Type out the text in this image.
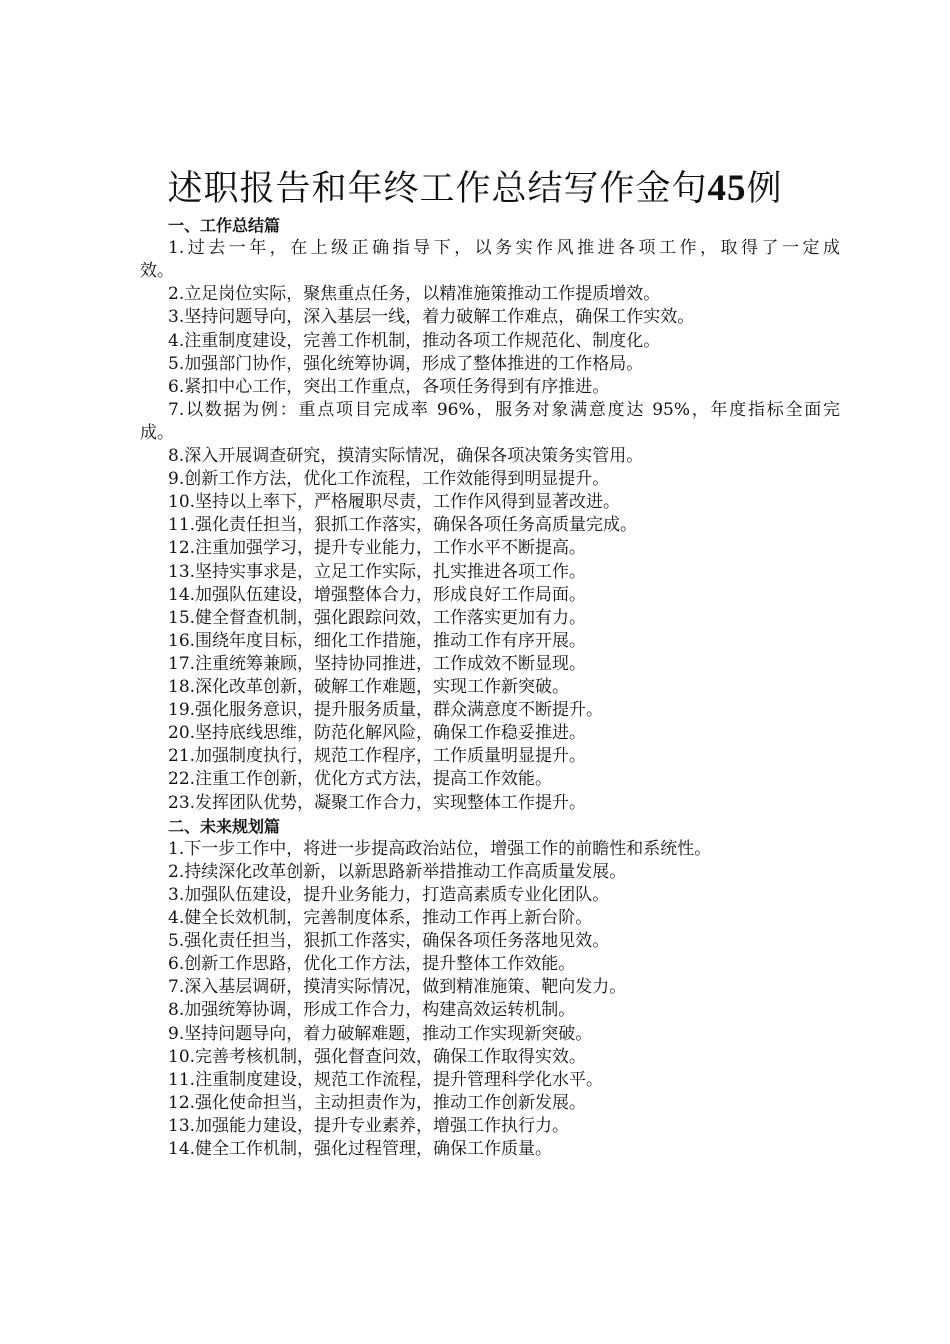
述职报告和年终工作总结写作金句45例
一、工作总结篇
1.过去一年，在上级正确指导下，以务实作风推进各项工作，取得了一定成
效。
2.立足岗位实际，聚焦重点任务，以精准施策推动工作提质增效。
3.坚持问题导向，深入基层一线，着力破解工作难点，确保工作实效。
4.注重制度建设，完善工作机制，推动各项工作规范化、制度化。
5.加强部门协作，强化统筹协调，形成了整体推进的工作格局。
6.紧扣中心工作，突出工作重点，各项任务得到有序推进。
7.以数据为例：重点项目完成率 96%，服务对象满意度达 95%，年度指标全面完
成。
8.深入开展调查研究，摸清实际情况，确保各项决策务实管用。
9.创新工作方法，优化工作流程，工作效能得到明显提升。
10.坚持以上率下，严格履职尽责，工作作风得到显著改进。
11.强化责任担当，狠抓工作落实，确保各项任务高质量完成。
12.注重加强学习，提升专业能力，工作水平不断提高。
13.坚持实事求是，立足工作实际，扎实推进各项工作。
14.加强队伍建设，增强整体合力，形成良好工作局面。
15.健全督查机制，强化跟踪问效，工作落实更加有力。
16.围绕年度目标，细化工作措施，推动工作有序开展。
17.注重统筹兼顾，坚持协同推进，工作成效不断显现。
18.深化改革创新，破解工作难题，实现工作新突破。
19.强化服务意识，提升服务质量，群众满意度不断提升。
20.坚持底线思维，防范化解风险，确保工作稳妥推进。
21.加强制度执行，规范工作程序，工作质量明显提升。
22.注重工作创新，优化方式方法，提高工作效能。
23.发挥团队优势，凝聚工作合力，实现整体工作提升。
二、未来规划篇
1.下一步工作中，将进一步提高政治站位，增强工作的前瞻性和系统性。
2.持续深化改革创新，以新思路新举措推动工作高质量发展。
3.加强队伍建设，提升业务能力，打造高素质专业化团队。
4.健全长效机制，完善制度体系，推动工作再上新台阶。
5.强化责任担当，狠抓工作落实，确保各项任务落地见效。
6.创新工作思路，优化工作方法，提升整体工作效能。
7.深入基层调研，摸清实际情况，做到精准施策、靶向发力。
8.加强统筹协调，形成工作合力，构建高效运转机制。
9.坚持问题导向，着力破解难题，推动工作实现新突破。
10.完善考核机制，强化督查问效，确保工作取得实效。
11.注重制度建设，规范工作流程，提升管理科学化水平。
12.强化使命担当，主动担责作为，推动工作创新发展。
13.加强能力建设，提升专业素养，增强工作执行力。
14.健全工作机制，强化过程管理，确保工作质量。
